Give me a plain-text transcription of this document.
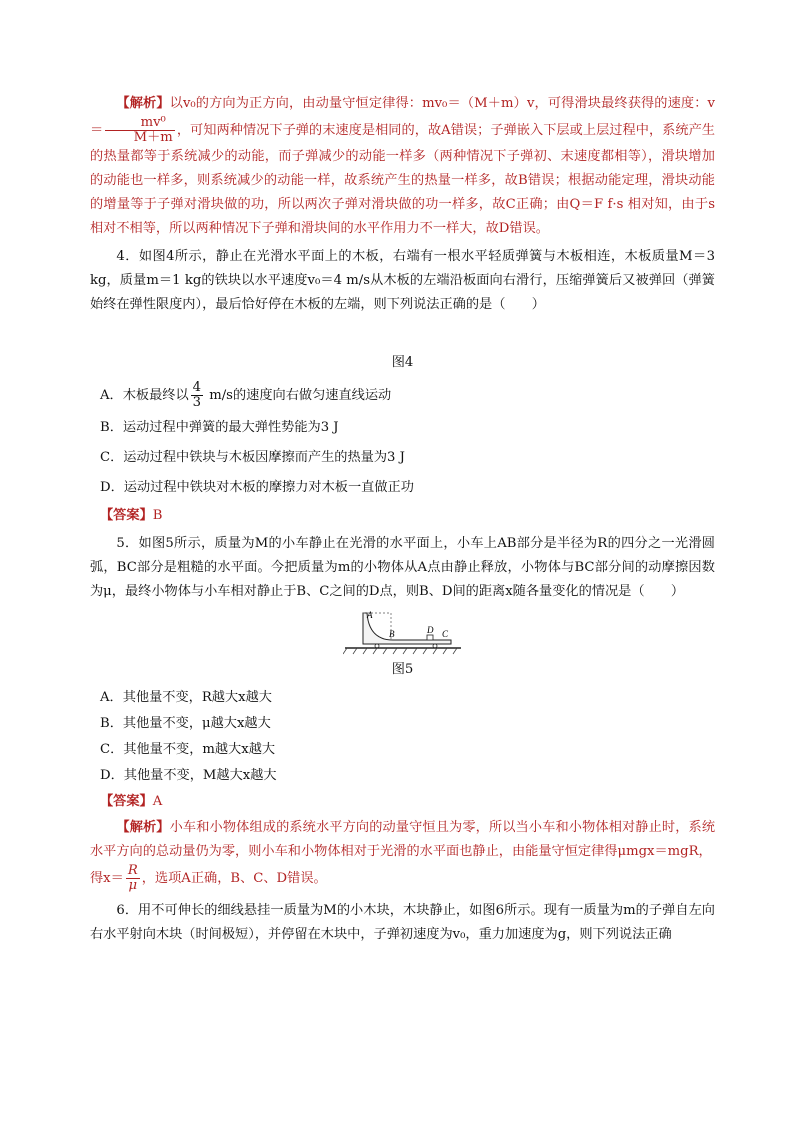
【解析】以v₀的方向为正方向，由动量守恒定律得：mv₀＝（M＋m）v，可得滑块最终获得的速度：$v= \frac{\text{mv⁰}}{M+m}$ ，可知两种情况下子弹的末速度是相同的，故A错误；子弹嵌入下层或上层过程中，系统产生的热量都等于系统减少的动能，而子弹减少的动能一样多（两种情况下子弹初、末速度都相等），滑块增加的动能也一样多，则系统减少的动能一样，故系统产生的热量一样多，故B错误；根据动能定理，滑块动能的增量等于子弹对滑块做的功，所以两次子弹对滑块做的功一样多，故C正确；由Q＝F f·s 相对知，由于s 相对不相等，所以两种情况下子弹和滑块间的水平作用力不一样大，故D错误。

4．如图4所示，静止在光滑水平面上的木板，右端有一根水平轻质弹簧与木板相连，木板质量M＝3 kg，质量m＝1 kg的铁块以水平速度v₀＝4 m/s从木板的左端沿板面向右滑行，压缩弹簧后又被弹回（弹簧始终在弹性限度内），最后恰好停在木板的左端，则下列说法正确的是（　　）

图4

A．木板最终以 $\frac{4}{3} m/s$的速度向右做匀速直线运动

B．运动过程中弹簧的最大弹性势能为3 J

C．运动过程中铁块与木板因摩擦而产生的热量为3 J

D．运动过程中铁块对木板的摩擦力对木板一直做正功

【答案】B

5．如图5所示，质量为M的小车静止在光滑的水平面上，小车上AB部分是半径为R的四分之一光滑圆弧，BC部分是粗糙的水平面。今把质量为m的小物体从A点由静止释放，小物体与BC部分间的动摩擦因数为μ，最终小物体与小车相对静止于B、C之间的D点，则B、D间的距离x随各量变化的情况是（　　）

A
B	D C

图5

A．其他量不变，R越大x越大

B．其他量不变，μ越大x越大

C．其他量不变，m越大x越大

D．其他量不变，M越大x越大

【答案】A

【解析】小车和小物体组成的系统水平方向的动量守恒且为零，所以当小车和小物体相对静止时，系统水平方向的总动量仍为零，则小车和小物体相对于光滑的水平面也静止，由能量守恒定律得μmgx＝mgR，

得$x= \frac{R}{\mu}$ ，选项A正确，B、C、D错误。

6．用不可伸长的细线悬挂一质量为M的小木块，木块静止，如图6所示。现有一质量为m的子弹自左向右水平射向木块（时间极短），并停留在木块中，子弹初速度为v₀，重力加速度为g，则下列说法正确
